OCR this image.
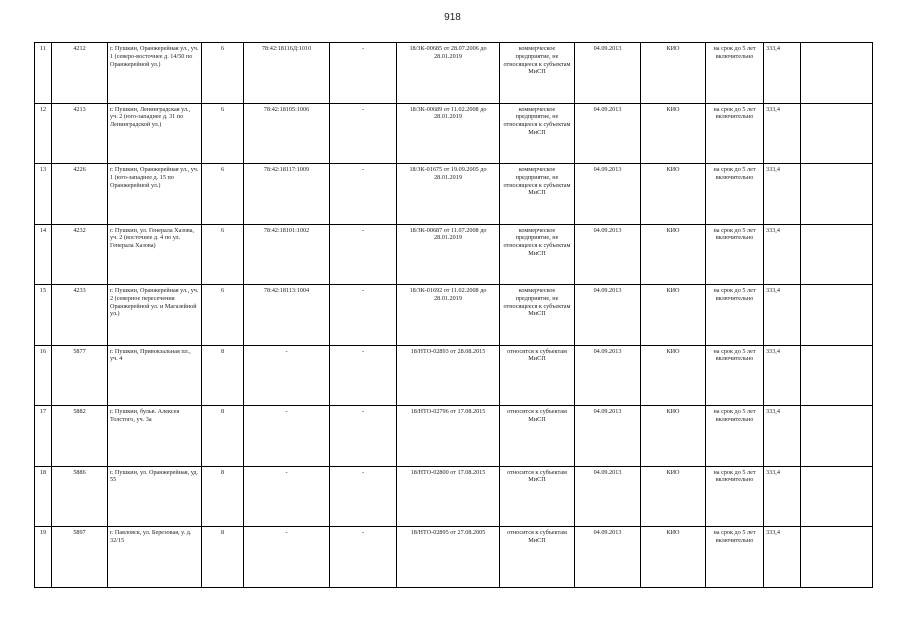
918
11	4212	г. Пушкин, Оранжерейная ул., уч. 1 (северо-восточнее д. 14/50 по Оранжерейной ул.)	6	78:42:18116Д:1010	-	18/ЗК-00685 от 28.07.2006 до 28.01.2019	коммерческое предприятие, не относящееся к субъектам МиСП	04.09.2013	КИО	на срок до 5 лет включительно	333,4	
12	4213	г. Пушкин, Ленинградская ул., уч. 2 (юго-западнее д. 31 по Ленинградской ул.)	6	78:42:18105:1006	-	18/ЗК-00689 от 11.02.2008 до 28.01.2019	коммерческое предприятие, не относящееся к субъектам МиСП	04.09.2013	КИО	на срок до 5 лет включительно	333,4	
13	4226	г. Пушкин, Оранжерейная ул., уч. 1 (юго-западнее д. 15 по Оранжерейной ул.)	6	78:42:18117:1009	-	18/ЗК-01675 от 19.09.2005 до 28.01.2019	коммерческое предприятие, не относящееся к субъектам МиСП	04.09.2013	КИО	на срок до 5 лет включительно	333,4	
14	4232	г. Пушкин, ул. Генерала Хазова, уч. 2 (восточнее д. 4 по ул. Генерала Хазова)	6	78:42:18101:1002	-	18/ЗК-00687 от 11.07.2008 до 28.01.2019	коммерческое предприятие, не относящееся к субъектам МиСП	04.09.2013	КИО	на срок до 5 лет включительно	333,4	
15	4233	г. Пушкин, Оранжерейная ул., уч. 2 (северное пересечения Оранжерейной ул. и Магазейной ул.)	6	78:42:18113:1004	-	18/ЗК-01692 от 11.02.2008 до 28.01.2019	коммерческое предприятие, не относящееся к субъектам МиСП	04.09.2013	КИО	на срок до 5 лет включительно	333,4	
16	5877	г. Пушкин, Привокзальная пл., уч. 4	8	-	-	18/НТО-02893 от 28.08.2015	относится к субъектам МиСП	04.09.2013	КИО	на срок до 5 лет включительно	333,4	
17	5882	г. Пушкин, бульв. Алексея Толстого, уч. 3а	8	-	-	18/НТО-02796 от 17.08.2015	относится к субъектам МиСП	04.09.2013	КИО	на срок до 5 лет включительно	333,4	
18	5886	г. Пушкин, ул. Оранжерейная, уд. 55	8	-	-	18/НТО-02800 от 17.08.2015	относится к субъектам МиСП	04.09.2013	КИО	на срок до 5 лет включительно	333,4	
19	5897	г. Павловск, ул. Березовая, у. д. 32/15	8	-	-	18/НТО-02895 от 27.08.2005	относится к субъектам МиСП	04.09.2013	КИО	на срок до 5 лет включительно	333,4	
